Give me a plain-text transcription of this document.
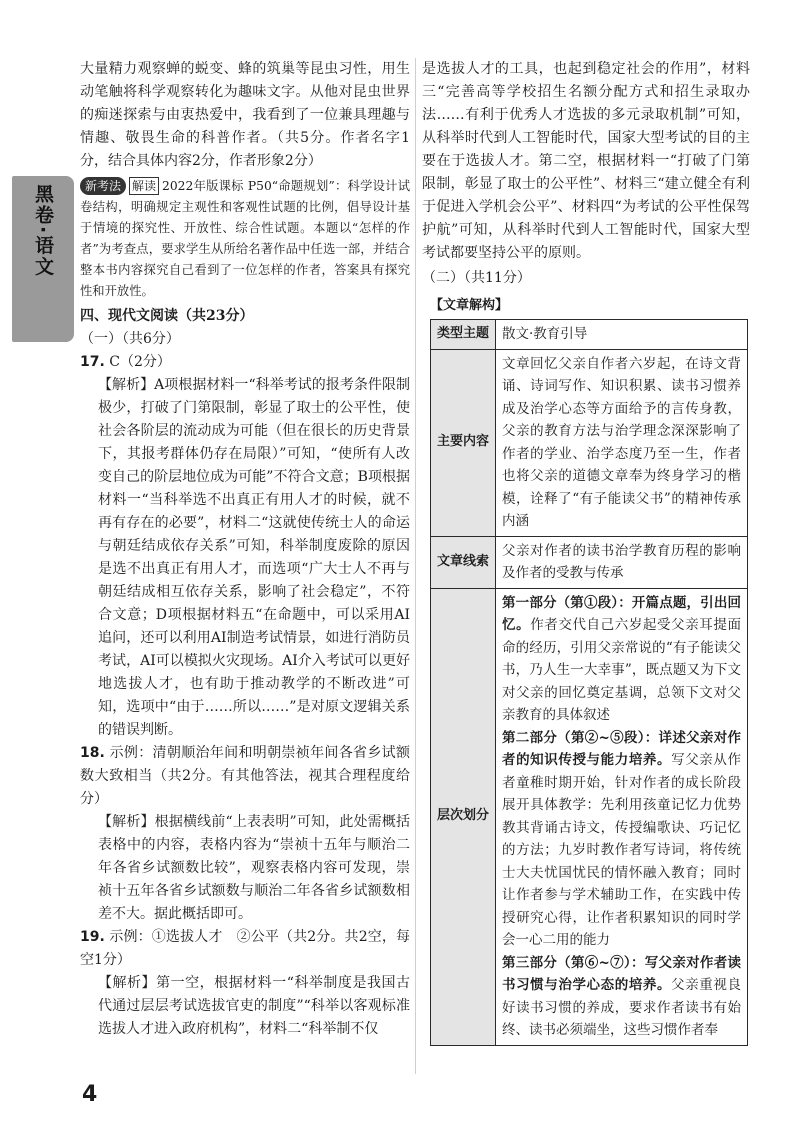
黑卷·语文

大量精力观察蝉的蜕变、蜂的筑巢等昆虫习性，用生动笔触将科学观察转化为趣味文字。从他对昆虫世界的痴迷探索与由衷热爱中，我看到了一位兼具理趣与情趣、敬畏生命的科普作者。（共5分。作者名字1分，结合具体内容2分，作者形象2分）

新考法 解读 2022年版课标 P50“命题规划”：科学设计试卷结构，明确规定主观性和客观性试题的比例，倡导设计基于情境的探究性、开放性、综合性试题。本题以“怎样的作者”为考查点，要求学生从所给名著作品中任选一部，并结合整本书内容探究自己看到了一位怎样的作者，答案具有探究性和开放性。

四、现代文阅读（共23分）

（一）（共6分）

17. C（2分）

【解析】A项根据材料一“科举考试的报考条件限制极少，打破了门第限制，彰显了取士的公平性，使社会各阶层的流动成为可能（但在很长的历史背景下，其报考群体仍存在局限）”可知，“使所有人改变自己的阶层地位成为可能”不符合文意；B项根据材料一“当科举选不出真正有用人才的时候，就不再有存在的必要”，材料二“这就使传统士人的命运与朝廷结成依存关系”可知，科举制度废除的原因是选不出真正有用人才，而选项“广大士人不再与朝廷结成相互依存关系，影响了社会稳定”，不符合文意；D项根据材料五“在命题中，可以采用AI追问，还可以利用AI制造考试情景，如进行消防员考试，AI可以模拟火灾现场。AI介入考试可以更好地选拔人才，也有助于推动教学的不断改进”可知，选项中“由于……所以……”是对原文逻辑关系的错误判断。

18. 示例：清朝顺治年间和明朝崇祯年间各省乡试额数大致相当（共2分。有其他答法，视其合理程度给分）

【解析】根据横线前“上表表明”可知，此处需概括表格中的内容，表格内容为“崇祯十五年与顺治二年各省乡试额数比较”，观察表格内容可发现，崇祯十五年各省乡试额数与顺治二年各省乡试额数相差不大。据此概括即可。

19. 示例：①选拔人才　②公平（共2分。共2空，每空1分）

【解析】第一空，根据材料一“科举制度是我国古代通过层层考试选拔官吏的制度”“科举以客观标准选拔人才进入政府机构”，材料二“科举制不仅

是选拔人才的工具，也起到稳定社会的作用”，材料三“完善高等学校招生名额分配方式和招生录取办法……有利于优秀人才选拔的多元录取机制”可知，从科举时代到人工智能时代，国家大型考试的目的主要在于选拔人才。第二空，根据材料一“打破了门第限制，彰显了取士的公平性”、材料三“建立健全有利于促进入学机会公平”、材料四“为考试的公平性保驾护航”可知，从科举时代到人工智能时代，国家大型考试都要坚持公平的原则。

（二）（共11分）

【文章解构】
类型主题	散文·教育引导
主要内容	文章回忆父亲自作者六岁起，在诗文背诵、诗词写作、知识积累、读书习惯养成及治学心态等方面给予的言传身教，父亲的教育方法与治学理念深深影响了作者的学业、治学态度乃至一生，作者也将父亲的道德文章奉为终身学习的楷模，诠释了“有子能读父书”的精神传承内涵
文章线索	父亲对作者的读书治学教育历程的影响及作者的受教与传承
层次划分	第一部分（第①段）：开篇点题，引出回忆。作者交代自己六岁起受父亲耳提面命的经历，引用父亲常说的“有子能读父书，乃人生一大幸事”，既点题又为下文对父亲的回忆奠定基调，总领下文对父亲教育的具体叙述
第二部分（第②~⑤段）：详述父亲对作者的知识传授与能力培养。写父亲从作者童稚时期开始，针对作者的成长阶段展开具体教学：先利用孩童记忆力优势教其背诵古诗文，传授编歌诀、巧记忆的方法；九岁时教作者写诗词，将传统士大夫忧国忧民的情怀融入教育；同时让作者参与学术辅助工作，在实践中传授研究心得，让作者积累知识的同时学会一心二用的能力
第三部分（第⑥~⑦）：写父亲对作者读书习惯与治学心态的培养。父亲重视良好读书习惯的养成，要求作者读书有始终、读书必须端坐，这些习惯作者奉
4
